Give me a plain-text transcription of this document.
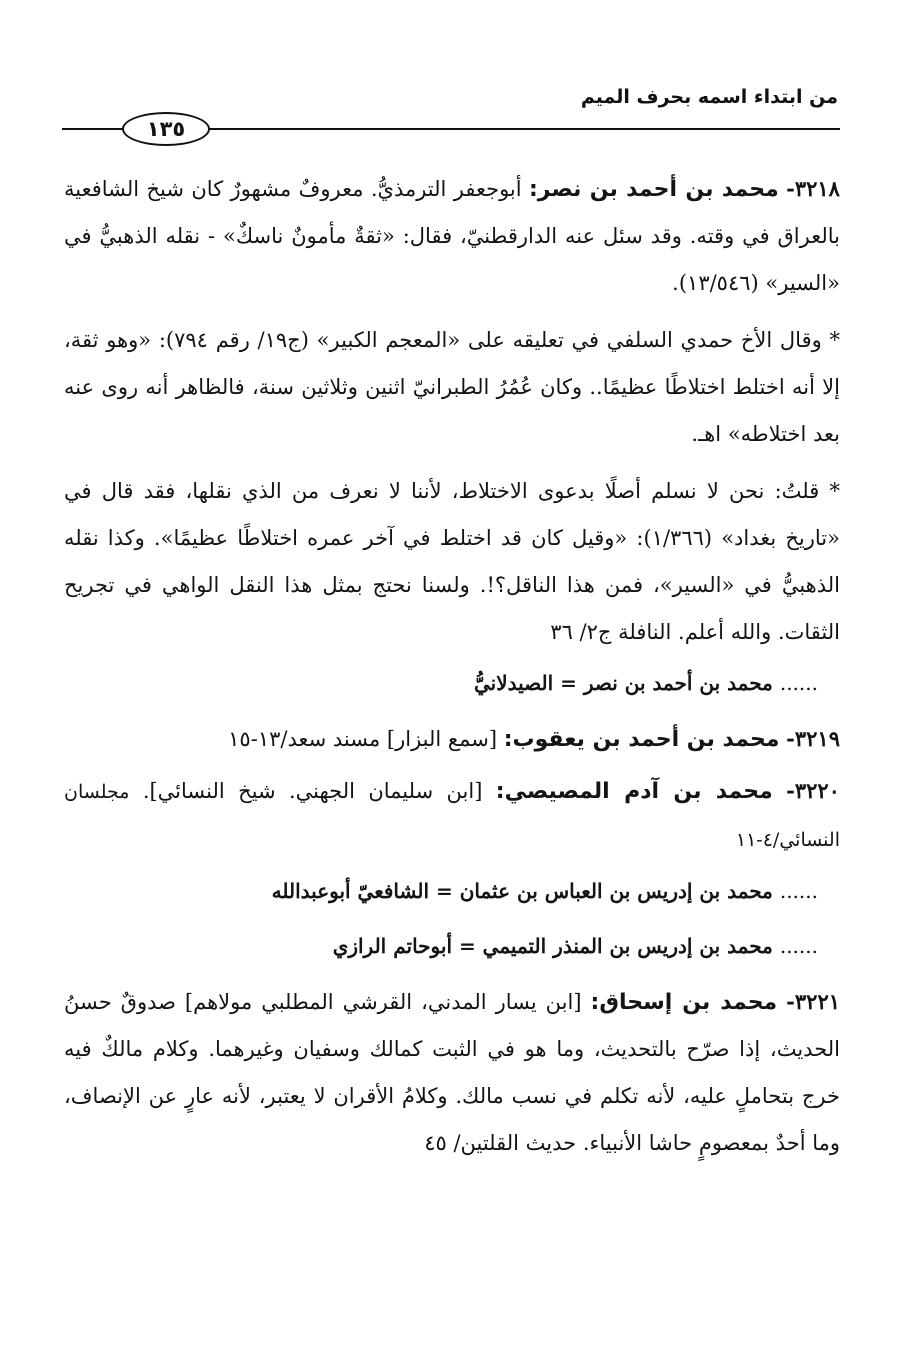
من ابتداء اسمه بحرف الميم
١٣٥

٣٢١٨- محمد بن أحمد بن نصر: أبوجعفر الترمذيُّ. معروفٌ مشهورٌ كان شيخ الشافعية بالعراق في وقته. وقد سئل عنه الدارقطنيّ، فقال: «ثقةٌ مأمونٌ ناسكٌ» - نقله الذهبيُّ في «السير» (١٣/٥٤٦).

* وقال الأخ حمدي السلفي في تعليقه على «المعجم الكبير» (ج١٩/ رقم ٧٩٤): «وهو ثقة، إلا أنه اختلط اختلاطًا عظيمًا.. وكان عُمُرُ الطبرانيّ اثنين وثلاثين سنة، فالظاهر أنه روى عنه بعد اختلاطه» اهـ.

* قلتُ: نحن لا نسلم أصلًا بدعوى الاختلاط، لأننا لا نعرف من الذي نقلها، فقد قال في «تاريخ بغداد» (١/٣٦٦): «وقيل كان قد اختلط في آخر عمره اختلاطًا عظيمًا». وكذا نقله الذهبيُّ في «السير»، فمن هذا الناقل؟!. ولسنا نحتج بمثل هذا النقل الواهي في تجريح الثقات. والله أعلم. النافلة ج٢/ ٣٦

...... محمد بن أحمد بن نصر = الصيدلانيُّ

٣٢١٩- محمد بن أحمد بن يعقوب: [سمع البزار] مسند سعد/١٣-١٥

٣٢٢٠- محمد بن آدم المصيصي: [ابن سليمان الجهني. شيخ النسائي]. مجلسان النسائي/٤-١١

...... محمد بن إدريس بن العباس بن عثمان = الشافعيّ أبوعبدالله

...... محمد بن إدريس بن المنذر التميمي = أبوحاتم الرازي

٣٢٢١- محمد بن إسحاق: [ابن يسار المدني، القرشي المطلبي مولاهم] صدوقٌ حسنُ الحديث، إذا صرّح بالتحديث، وما هو في الثبت كمالك وسفيان وغيرهما. وكلام مالكٌ فيه خرج بتحاملٍ عليه، لأنه تكلم في نسب مالك. وكلامُ الأقران لا يعتبر، لأنه عارٍ عن الإنصاف، وما أحدٌ بمعصومٍ حاشا الأنبياء. حديث القلتين/ ٤٥
